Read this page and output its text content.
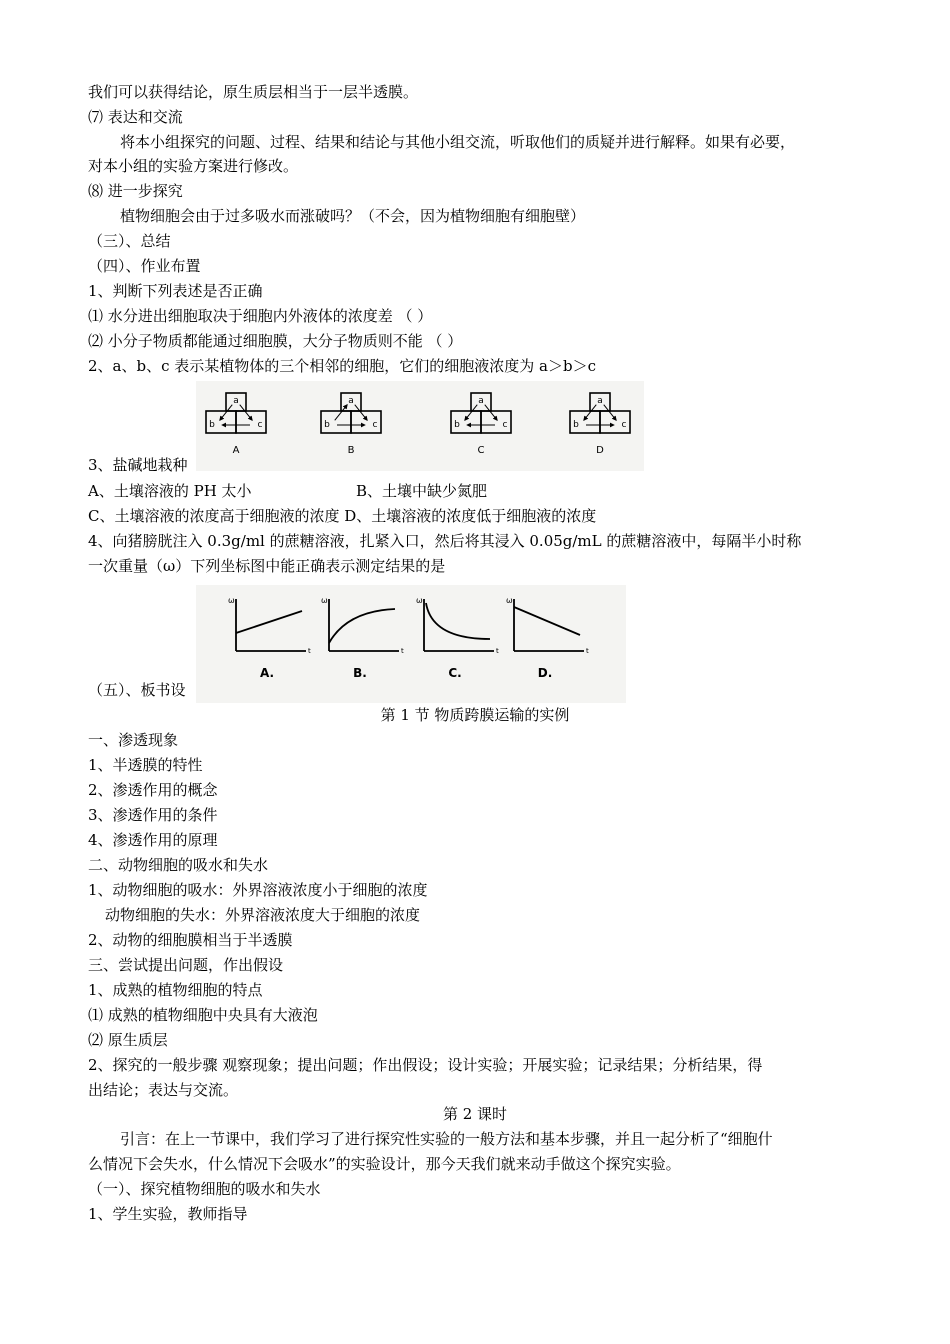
我们可以获得结论，原生质层相当于一层半透膜。
⑺ 表达和交流
将本小组探究的问题、过程、结果和结论与其他小组交流，听取他们的质疑并进行解释。如果有必要，
对本小组的实验方案进行修改。
⑻ 进一步探究
植物细胞会由于过多吸水而涨破吗？（不会，因为植物细胞有细胞壁）
（三）、总结
（四）、作业布置
1、判断下列表述是否正确
⑴ 水分进出细胞取决于细胞内外液体的浓度差 （ ）
⑵ 小分子物质都能通过细胞膜，大分子物质则不能 （ ）
2、a、b、c 表示某植物体的三个相邻的细胞，它们的细胞液浓度为 a＞b＞c
a
b	c
A
a
b	c
B
a
b	c
C
a
b	c
D
3、盐碱地栽种
A、土壤溶液的 PH 太小	B、土壤中缺少氮肥
C、土壤溶液的浓度高于细胞液的浓度 D、土壤溶液的浓度低于细胞液的浓度
4、向猪膀胱注入 0.3g/ml 的蔗糖溶液，扎紧入口，然后将其浸入 0.05g/mL 的蔗糖溶液中，每隔半小时称
一次重量（ω）下列坐标图中能正确表示测定结果的是
ω
t
A.
ω
t
B.
ω
t
C.
ω
t
D.
（五）、板书设
第 1 节 物质跨膜运输的实例
一、渗透现象
1、半透膜的特性
2、渗透作用的概念
3、渗透作用的条件
4、渗透作用的原理
二、动物细胞的吸水和失水
1、动物细胞的吸水：外界溶液浓度小于细胞的浓度
动物细胞的失水：外界溶液浓度大于细胞的浓度
2、动物的细胞膜相当于半透膜
三、尝试提出问题，作出假设
1、成熟的植物细胞的特点
⑴ 成熟的植物细胞中央具有大液泡
⑵ 原生质层
2、探究的一般步骤 观察现象；提出问题；作出假设；设计实验；开展实验；记录结果；分析结果，得
出结论；表达与交流。
第 2 课时
引言：在上一节课中，我们学习了进行探究性实验的一般方法和基本步骤，并且一起分析了“细胞什
么情况下会失水，什么情况下会吸水”的实验设计，那今天我们就来动手做这个探究实验。
（一）、探究植物细胞的吸水和失水
1、学生实验，教师指导
